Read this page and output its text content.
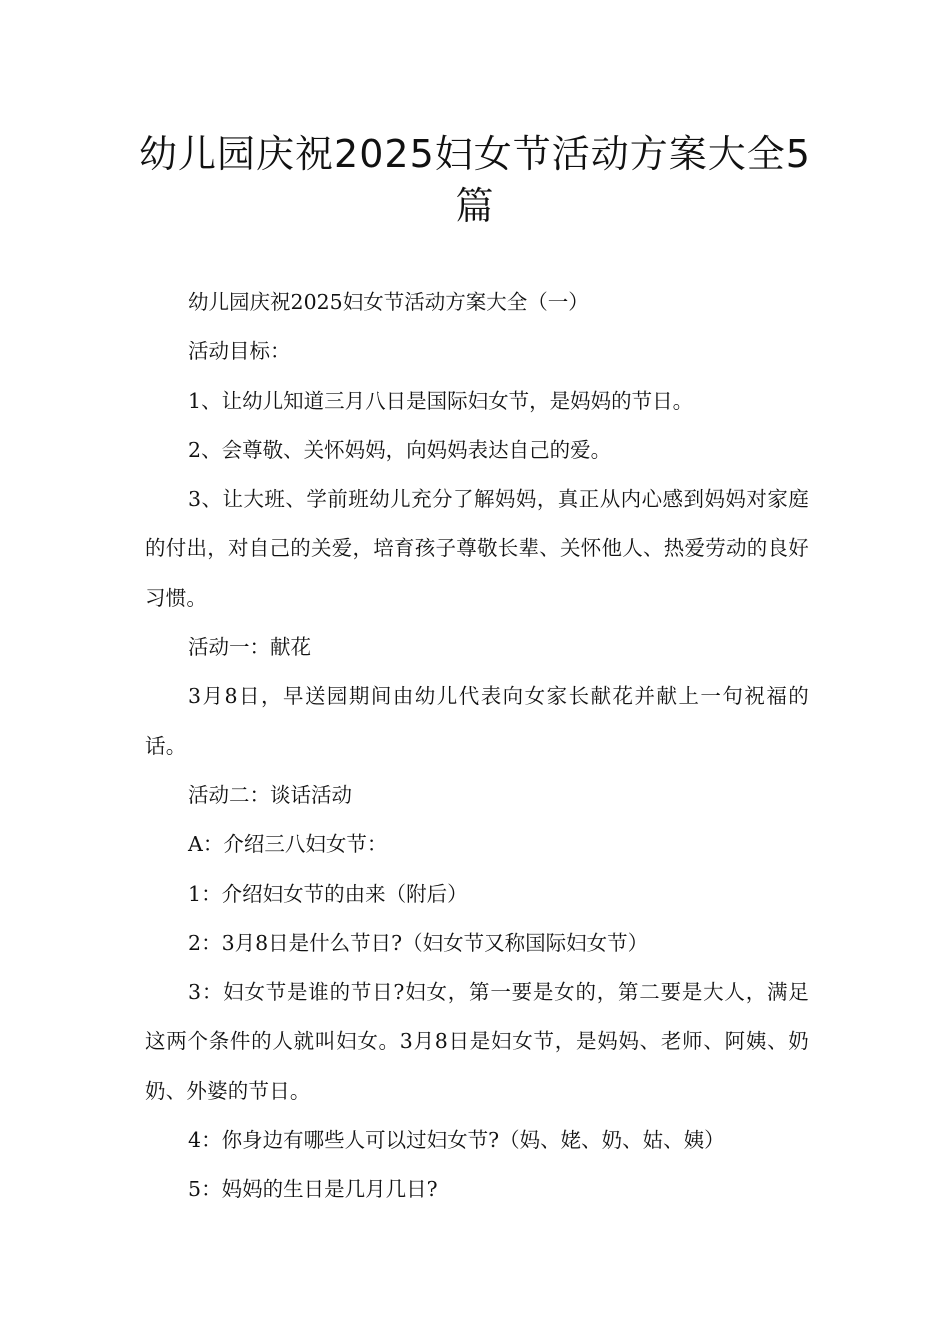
幼儿园庆祝2025妇女节活动方案大全5篇

幼儿园庆祝2025妇女节活动方案大全（一）

活动目标：

1、让幼儿知道三月八日是国际妇女节，是妈妈的节日。

2、会尊敬、关怀妈妈，向妈妈表达自己的爱。

3、让大班、学前班幼儿充分了解妈妈，真正从内心感到妈妈对家庭的付出，对自己的关爱，培育孩子尊敬长辈、关怀他人、热爱劳动的良好习惯。

活动一：献花

3月8日，早送园期间由幼儿代表向女家长献花并献上一句祝福的话。

活动二：谈话活动

A：介绍三八妇女节：

1：介绍妇女节的由来（附后）

2：3月8日是什么节日?（妇女节又称国际妇女节）

3：妇女节是谁的节日?妇女，第一要是女的，第二要是大人，满足这两个条件的人就叫妇女。3月8日是妇女节，是妈妈、老师、阿姨、奶奶、外婆的节日。

4：你身边有哪些人可以过妇女节?（妈、姥、奶、姑、姨）

5：妈妈的生日是几月几日?
